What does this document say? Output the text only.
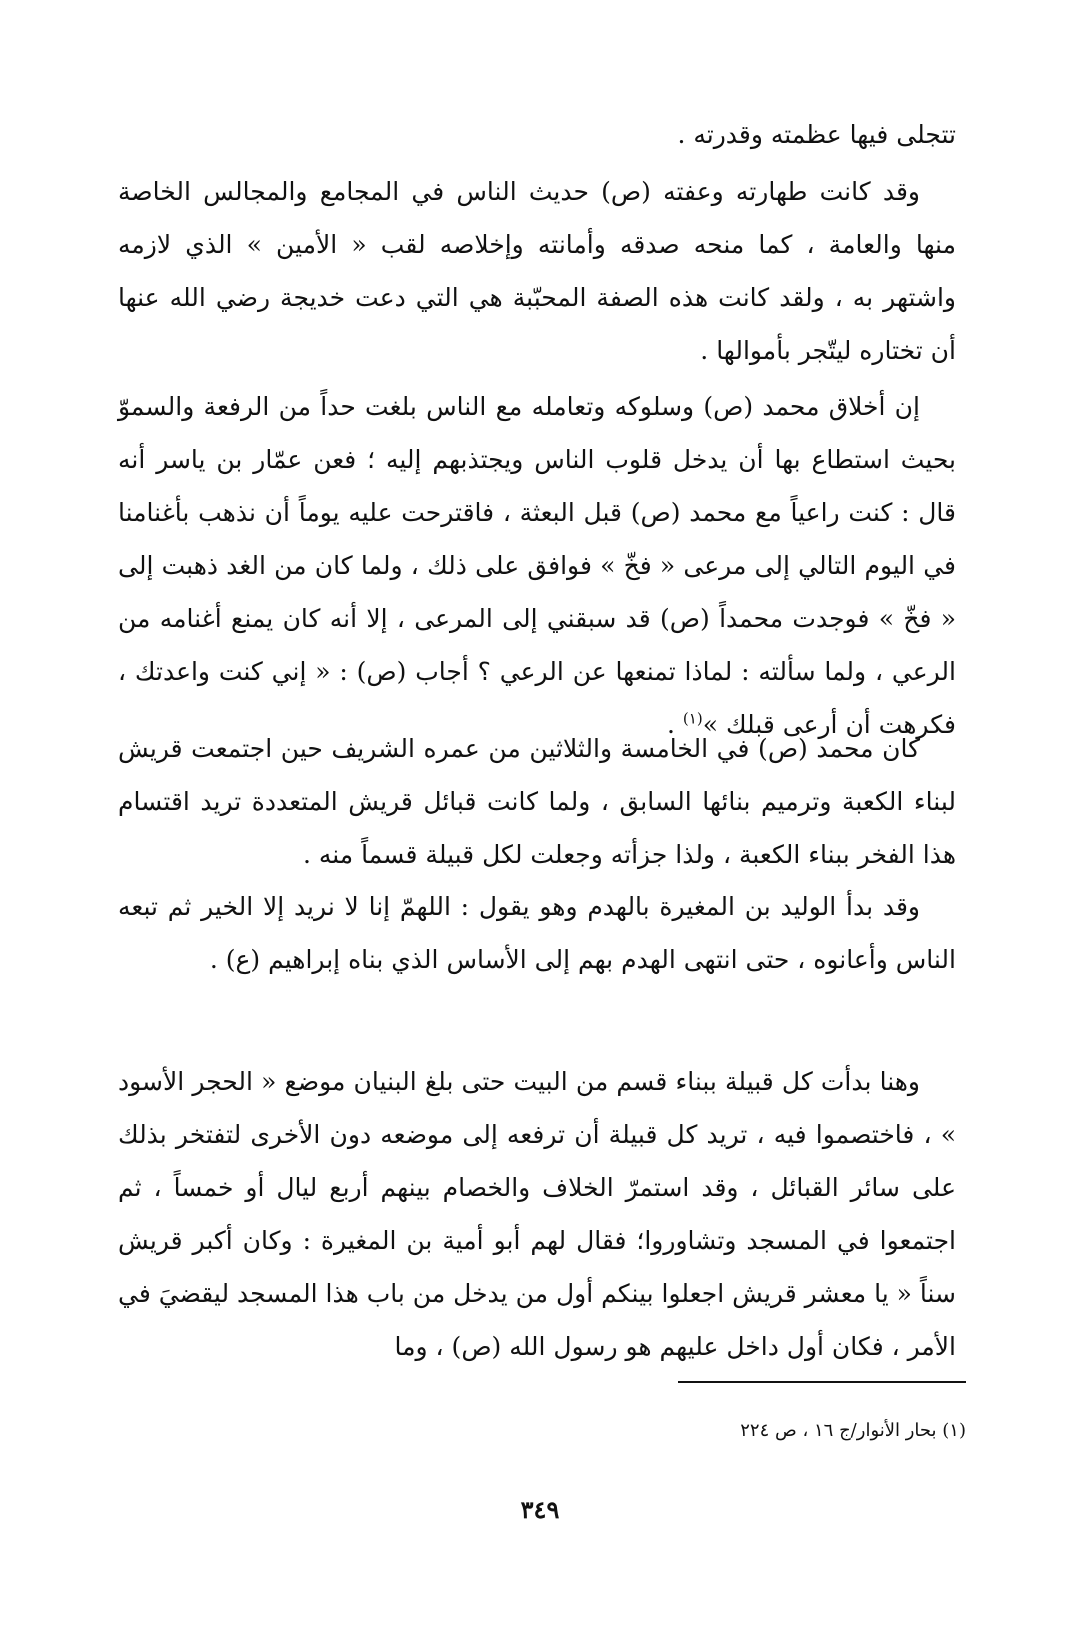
تتجلى فيها عظمته وقدرته .

وقد كانت طهارته وعفته (ص) حديث الناس في المجامع والمجالس الخاصة منها والعامة ، كما منحه صدقه وأمانته وإخلاصه لقب « الأمين » الذي لازمه واشتهر به ، ولقد كانت هذه الصفة المحبّبة هي التي دعت خديجة رضي الله عنها أن تختاره ليتّجر بأموالها .

إن أخلاق محمد (ص) وسلوكه وتعامله مع الناس بلغت حداً من الرفعة والسموّ بحيث استطاع بها أن يدخل قلوب الناس ويجتذبهم إليه ؛ فعن عمّار بن ياسر أنه قال : كنت راعياً مع محمد (ص) قبل البعثة ، فاقترحت عليه يوماً أن نذهب بأغنامنا في اليوم التالي إلى مرعى « فخّ » فوافق على ذلك ، ولما كان من الغد ذهبت إلى « فخّ » فوجدت محمداً (ص) قد سبقني إلى المرعى ، إلا أنه كان يمنع أغنامه من الرعي ، ولما سألته : لماذا تمنعها عن الرعي ؟ أجاب (ص) : « إني كنت واعدتك ، فكرهت أن أرعى قبلك »$^{(١)}$ .

كان محمد (ص) في الخامسة والثلاثين من عمره الشريف حين اجتمعت قريش لبناء الكعبة وترميم بنائها السابق ، ولما كانت قبائل قريش المتعددة تريد اقتسام هذا الفخر ببناء الكعبة ، ولذا جزأته وجعلت لكل قبيلة قسماً منه .

وقد بدأ الوليد بن المغيرة بالهدم وهو يقول : اللهمّ إنا لا نريد إلا الخير ثم تبعه الناس وأعانوه ، حتى انتهى الهدم بهم إلى الأساس الذي بناه إبراهيم (ع) .

وهنا بدأت كل قبيلة ببناء قسم من البيت حتى بلغ البنيان موضع « الحجر الأسود » ، فاختصموا فيه ، تريد كل قبيلة أن ترفعه إلى موضعه دون الأخرى لتفتخر بذلك على سائر القبائل ، وقد استمرّ الخلاف والخصام بينهم أربع ليال أو خمساً ، ثم اجتمعوا في المسجد وتشاوروا؛ فقال لهم أبو أمية بن المغيرة : وكان أكبر قريش سناً « يا معشر قريش اجعلوا بينكم أول من يدخل من باب هذا المسجد ليقضيَ في الأمر ، فكان أول داخل عليهم هو رسول الله (ص) ، وما

(١) بحار الأنوار/ج ١٦ ، ص ٢٢٤
٣٤٩
